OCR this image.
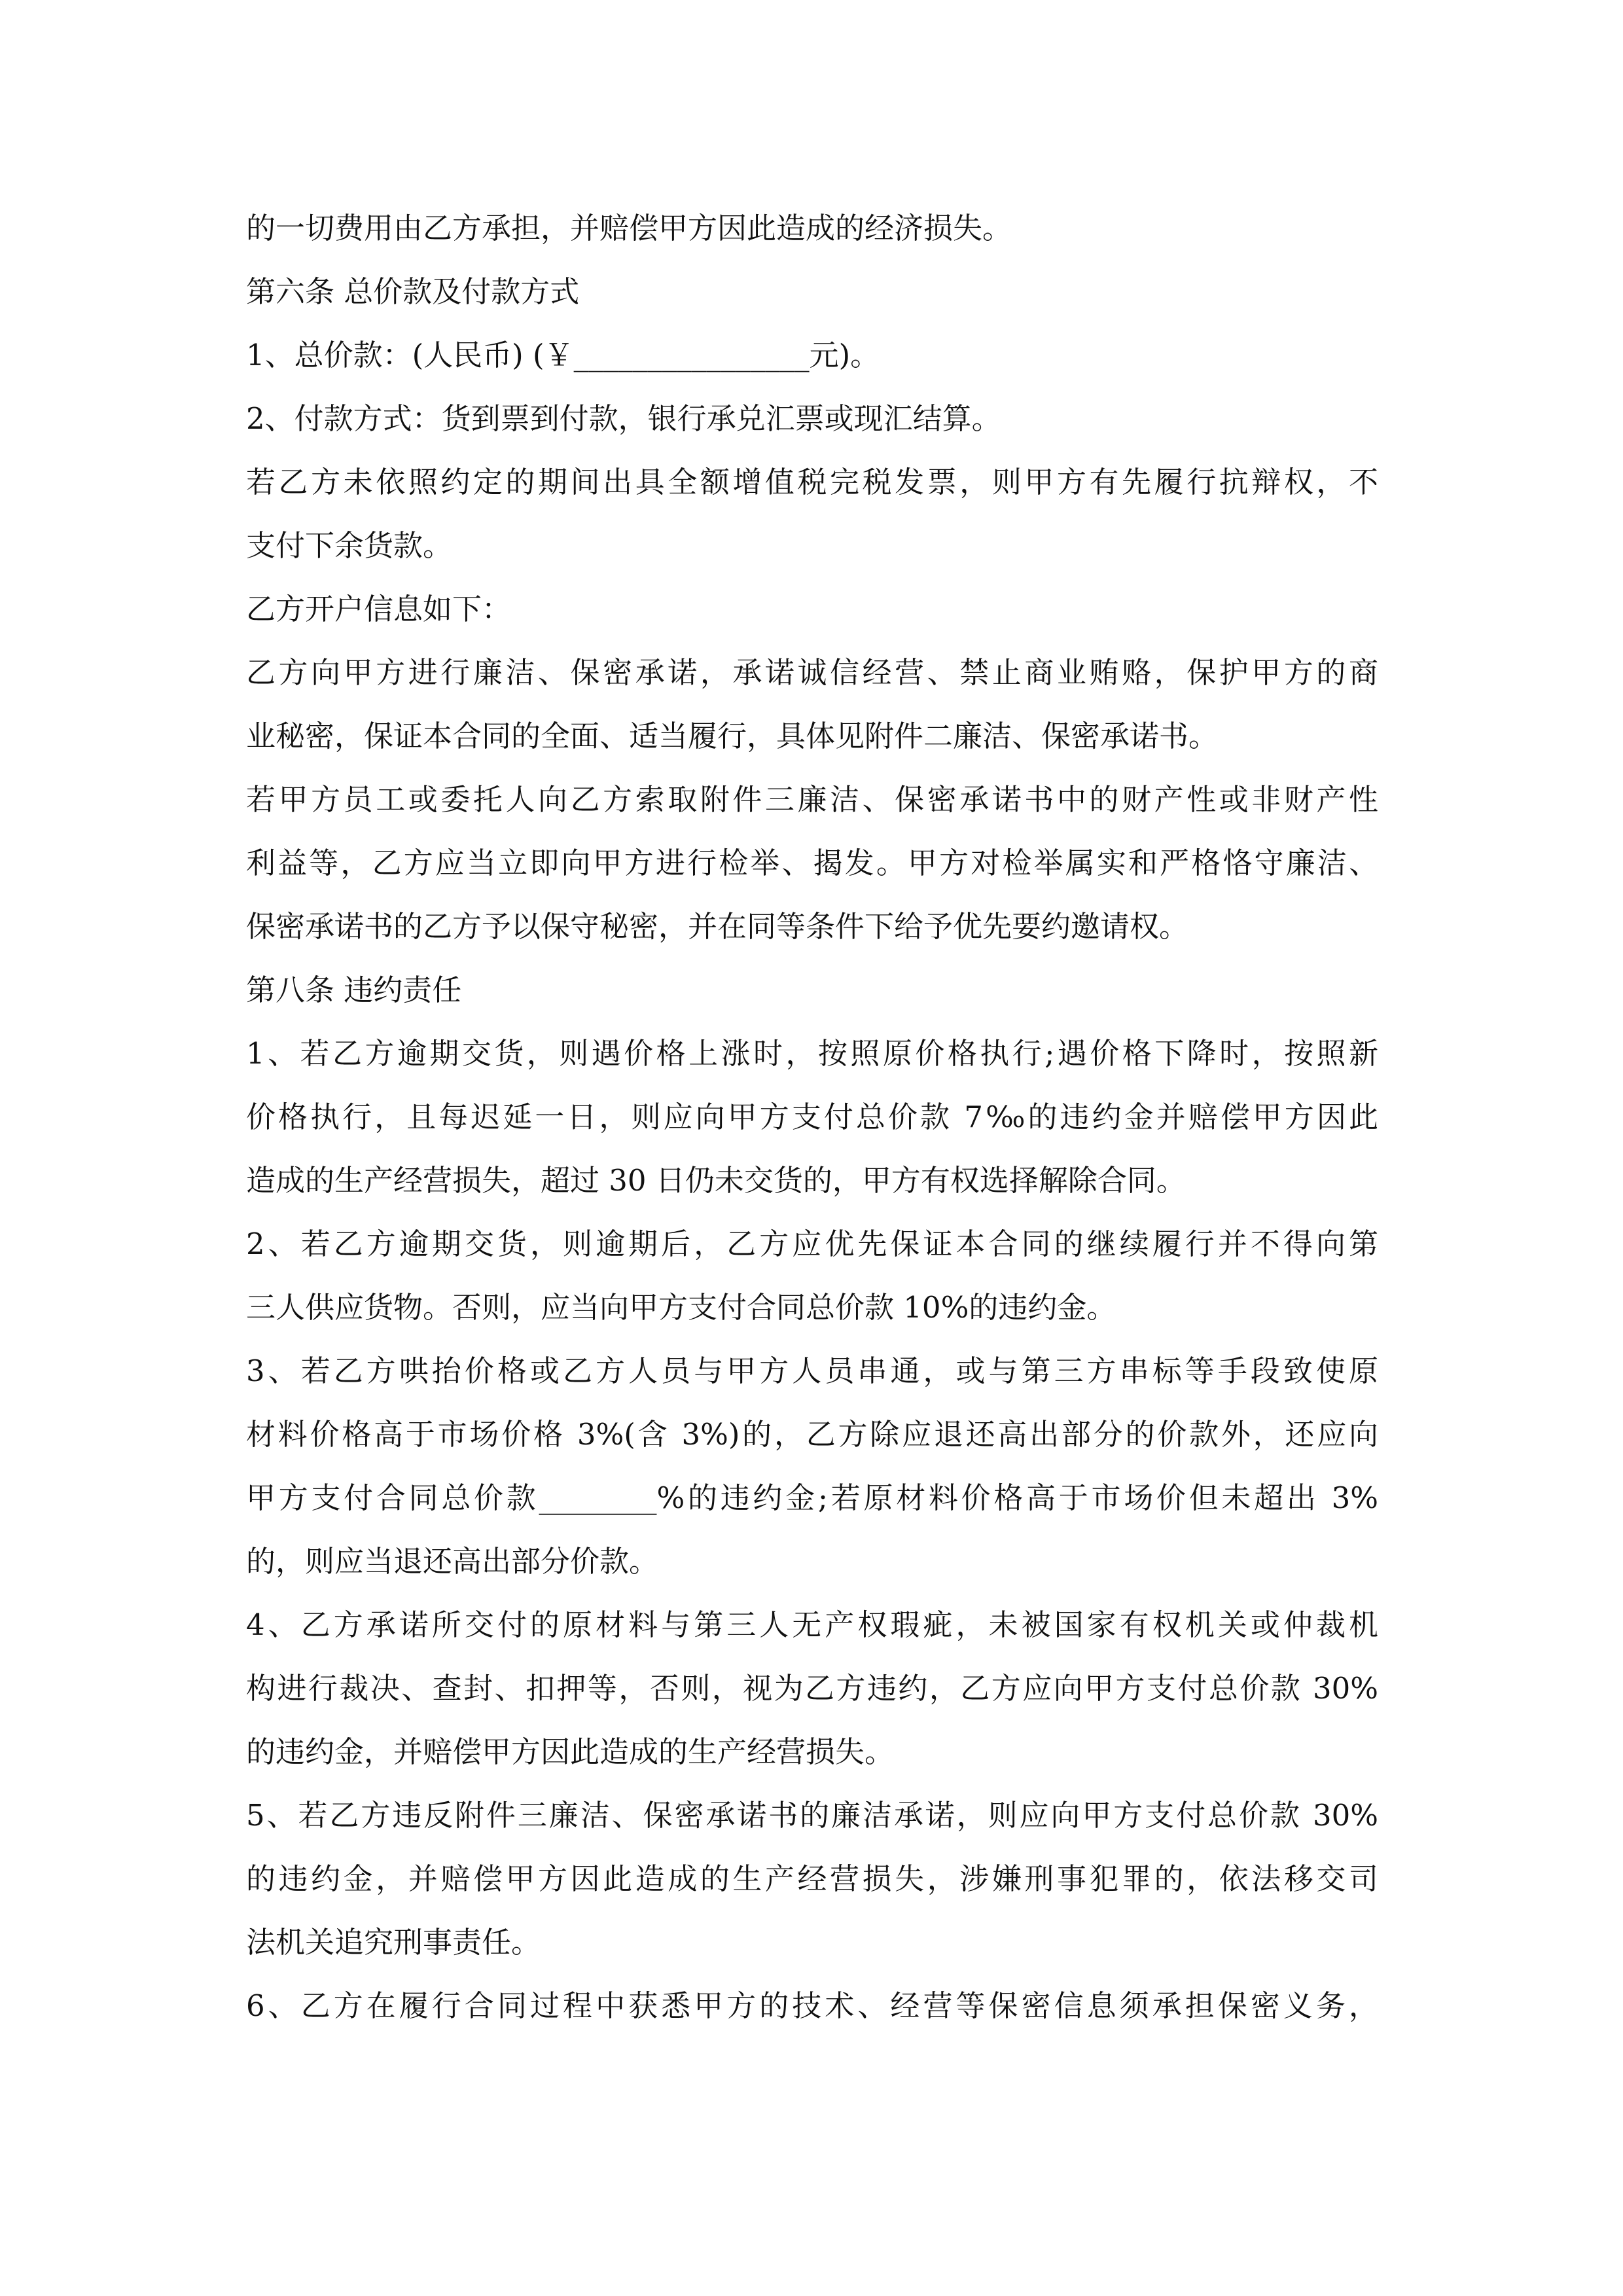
的一切费用由乙方承担，并赔偿甲方因此造成的经济损失。
第六条 总价款及付款方式
1、总价款：(人民币) (￥________________元)。
2、付款方式：货到票到付款，银行承兑汇票或现汇结算。
若乙方未依照约定的期间出具全额增值税完税发票，则甲方有先履行抗辩权，不
支付下余货款。
乙方开户信息如下：
乙方向甲方进行廉洁、保密承诺，承诺诚信经营、禁止商业贿赂，保护甲方的商
业秘密，保证本合同的全面、适当履行，具体见附件二廉洁、保密承诺书。
若甲方员工或委托人向乙方索取附件三廉洁、保密承诺书中的财产性或非财产性
利益等，乙方应当立即向甲方进行检举、揭发。甲方对检举属实和严格恪守廉洁、
保密承诺书的乙方予以保守秘密，并在同等条件下给予优先要约邀请权。
第八条 违约责任
1、若乙方逾期交货，则遇价格上涨时，按照原价格执行;遇价格下降时，按照新
价格执行，且每迟延一日，则应向甲方支付总价款 7‰的违约金并赔偿甲方因此
造成的生产经营损失，超过 30 日仍未交货的，甲方有权选择解除合同。
2、若乙方逾期交货，则逾期后，乙方应优先保证本合同的继续履行并不得向第
三人供应货物。否则，应当向甲方支付合同总价款 10%的违约金。
3、若乙方哄抬价格或乙方人员与甲方人员串通，或与第三方串标等手段致使原
材料价格高于市场价格 3%(含 3%)的，乙方除应退还高出部分的价款外，还应向
甲方支付合同总价款________%的违约金;若原材料价格高于市场价但未超出 3%
的，则应当退还高出部分价款。
4、乙方承诺所交付的原材料与第三人无产权瑕疵，未被国家有权机关或仲裁机
构进行裁决、查封、扣押等，否则，视为乙方违约，乙方应向甲方支付总价款 30%
的违约金，并赔偿甲方因此造成的生产经营损失。
5、若乙方违反附件三廉洁、保密承诺书的廉洁承诺，则应向甲方支付总价款 30%
的违约金，并赔偿甲方因此造成的生产经营损失，涉嫌刑事犯罪的，依法移交司
法机关追究刑事责任。
6、乙方在履行合同过程中获悉甲方的技术、经营等保密信息须承担保密义务，
